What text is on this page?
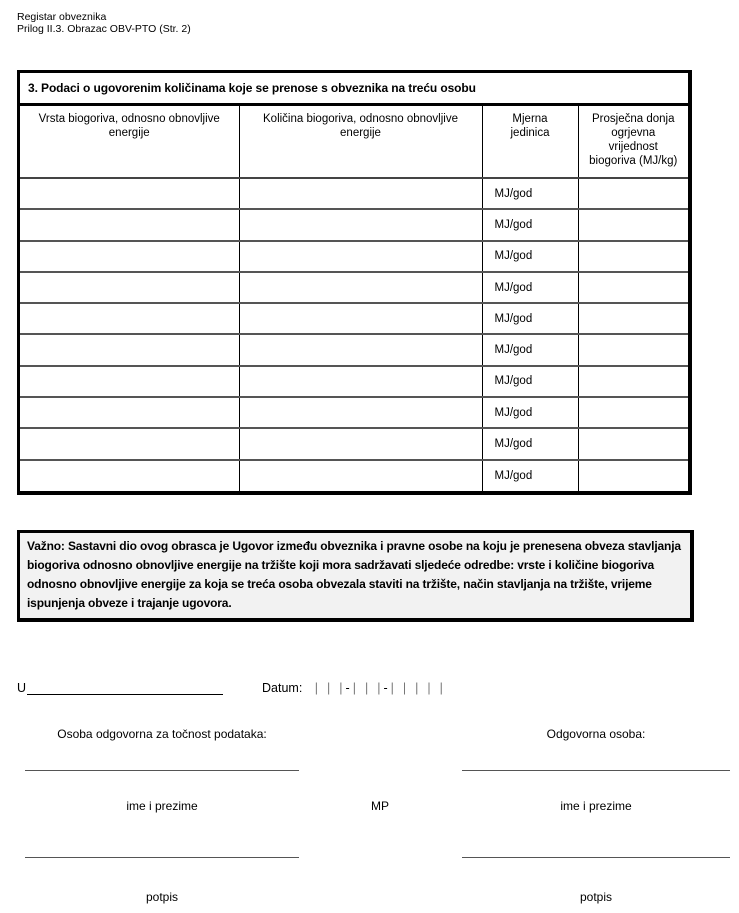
Registar obveznika
Prilog II.3. Obrazac OBV-PTO (Str. 2)
3. Podaci o ugovorenim količinama koje se prenose s obveznika na treću osobu
Vrsta biogoriva, odnosno obnovljive energije	Količina biogoriva, odnosno obnovljive energije	Mjerna jedinica	Prosječna donja ogrjevna vrijednost biogoriva (MJ/kg)
		MJ/god	
		MJ/god	
		MJ/god	
		MJ/god	
		MJ/god	
		MJ/god	
		MJ/god	
		MJ/god	
		MJ/god	
		MJ/god	
Važno: Sastavni dio ovog obrasca je Ugovor između obveznika i pravne osobe na koju je prenesena obveza stavljanja biogoriva odnosno obnovljive energije na tržište koji mora sadržavati sljedeće odredbe: vrste i količine biogoriva odnosno obnovljive energije za koja se treća osoba obvezala staviti na tržište, način stavljanja na tržište, vrijeme ispunjenja obveze i trajanje ugovora.
U	Datum: | | | - | | | - | | | | |
Osoba odgovorna za točnost podataka:	Odgovorna osoba:
ime i prezime	MP	ime i prezime
potpis	potpis
